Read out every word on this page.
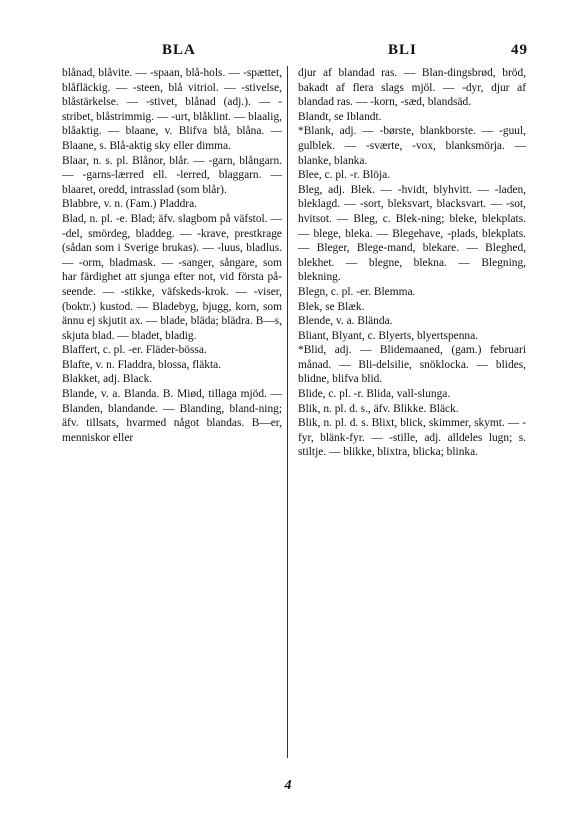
BLA	BLI	49

blånad, blåvite. — -spaan, blå-hols. — -spættet, blåfläckig. — -steen, blå vitriol. — -stivelse, blåstärkelse. — -stivet, blånad (adj.). — -stribet, blåstrimmig. — -urt, blåklint. — blaalig, blåaktig. — blaane, v. Blifva blå, blåna. — Blaane, s. Blå-aktig sky eller dimma.

Blaar, n. s. pl. Blånor, blår. — -garn, blångarn. — -garns-lærred ell. -lerred, blaggarn. — blaaret, oredd, intrasslad (som blår).

Blabbre, v. n. (Fam.) Pladdra.

Blad, n. pl. -e. Blad; äfv. slagbom på väfstol. — -del, smördeg, bladdeg. — -krave, prestkrage (sådan som i Sverige brukas). — -luus, bladlus. — -orm, bladmask. — -sanger, sångare, som har färdighet att sjunga efter not, vid första på-seende. — -stikke, väfskeds-krok. — -viser, (boktr.) kustod. — Bladebyg, bjugg, korn, som ännu ej skjutit ax. — blade, bläda; blädra. B—s, skjuta blad. — bladet, bladig.

Blaffert, c. pl. -er. Fläder-bössa.

Blafte, v. n. Fladdra, blossa, fläkta.

Blakket, adj. Black.

Blande, v. a. Blanda. B. Miød, tillaga mjöd. — Blanden, blandande. — Blanding, bland-ning; äfv. tillsats, hvarmed något blandas. B—er, menniskor eller

djur af blandad ras. — Blan-dingsbrød, bröd, bakadt af flera slags mjöl. — -dyr, djur af blandad ras. — -korn, -sæd, blandsäd.

Blandt, se Iblandt.

*Blank, adj. — -børste, blankborste. — -guul, gulblek. — -sværte, -vox, blanksmörja. — blanke, blanka.

Blee, c. pl. -r. Blöja.

Bleg, adj. Blek. — -hvidt, blyhvitt. — -laden, bleklagd. — -sort, bleksvart, blacksvart. — -sot, hvitsot. — Bleg, c. Blek-ning; bleke, blekplats. — blege, bleka. — Blegehave, -plads, blekplats. — Bleger, Blege-mand, blekare. — Bleghed, blekhet. — blegne, blekna. — Blegning, blekning.

Blegn, c. pl. -er. Blemma.

Blek, se Blæk.

Blende, v. a. Blända.

Bliant, Blyant, c. Blyerts, blyertspenna.

*Blid, adj. — Blidemaaned, (gam.) februari månad. — Bli-delsilie, snöklocka. — blides, blidne, blifva blid.

Blide, c. pl. -r. Blida, vall-slunga.

Blik, n. pl. d. s., äfv. Blikke. Bläck.

Blik, n. pl. d. s. Blixt, blick, skimmer, skymt. — -fyr, blänk-fyr. — -stille, adj. alldeles lugn; s. stiltje. — blikke, blixtra, blicka; blinka.

4
